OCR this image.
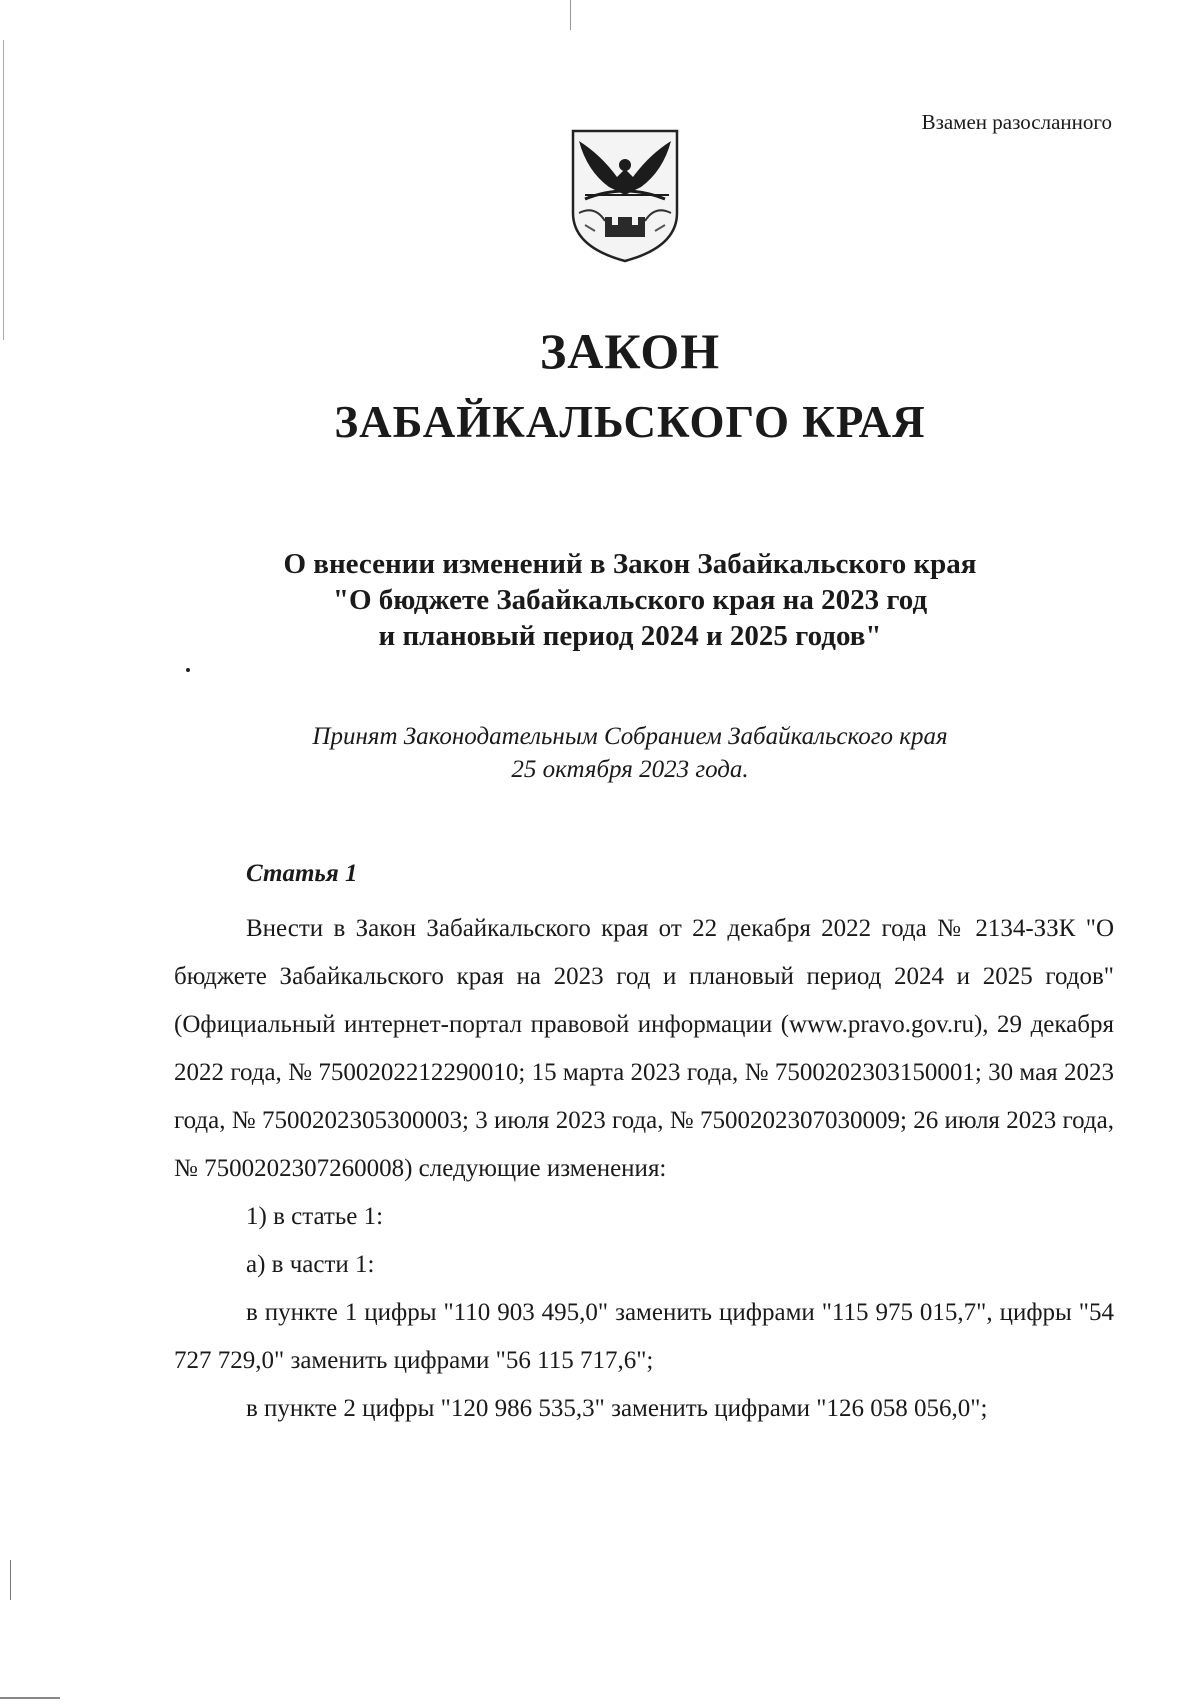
Взамен разосланного
ЗАКОН
ЗАБАЙКАЛЬСКОГО КРАЯ
О внесении изменений в Закон Забайкальского края
"О бюджете Забайкальского края на 2023 год
и плановый период 2024 и 2025 годов"
Принят Законодательным Собранием Забайкальского края
25 октября 2023 года.
Статья 1

Внести в Закон Забайкальского края от 22 декабря 2022 года № 2134-ЗЗК "О бюджете Забайкальского края на 2023 год и плановый период 2024 и 2025 годов" (Официальный интернет-портал правовой информации (www.pravo.gov.ru), 29 декабря 2022 года, № 7500202212290010; 15 марта 2023 года, № 7500202303150001; 30 мая 2023 года, № 7500202305300003; 3 июля 2023 года, № 7500202307030009; 26 июля 2023 года, № 7500202307260008) следующие изменения:

1) в статье 1:

а) в части 1:

в пункте 1 цифры "110 903 495,0" заменить цифрами "115 975 015,7", цифры "54 727 729,0" заменить цифрами "56 115 717,6";

в пункте 2 цифры "120 986 535,3" заменить цифрами "126 058 056,0";
